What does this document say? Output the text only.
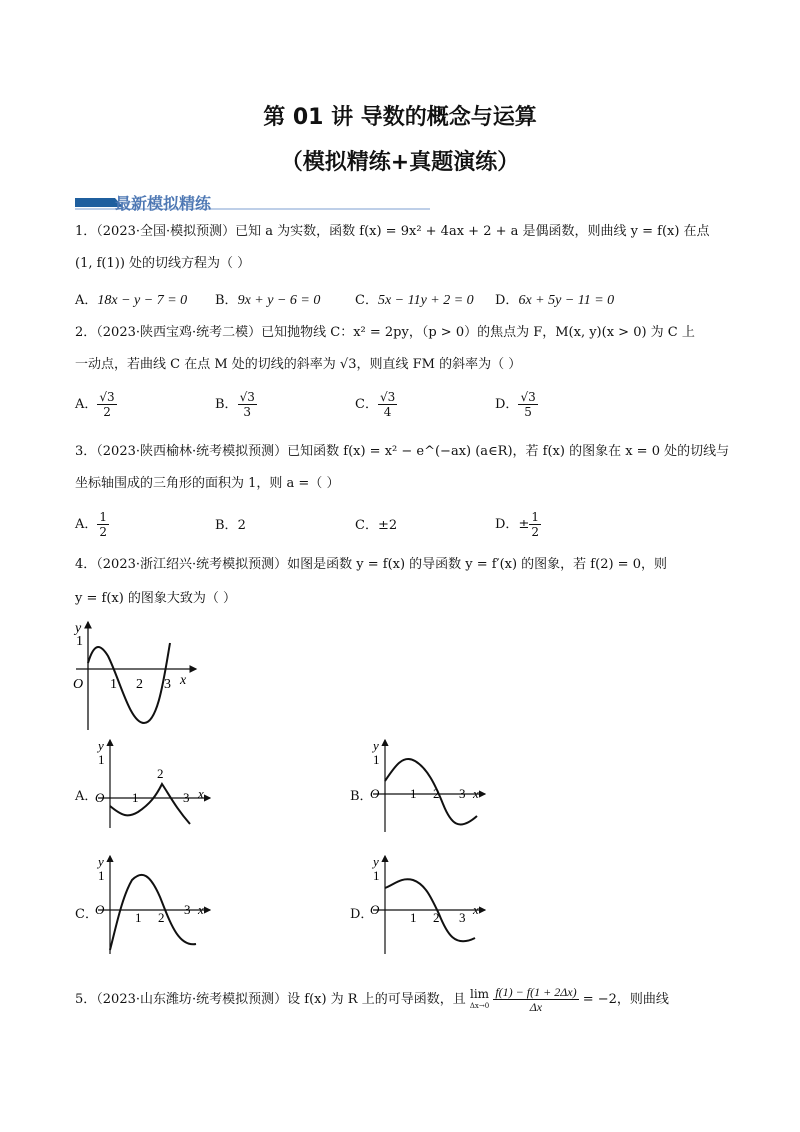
第 01 讲 导数的概念与运算
（模拟精练+真题演练）
最新模拟精练
1．（2023·全国·模拟预测）已知 a 为实数，函数 f(x) = 9x² + 4ax + 2 + a 是偶函数，则曲线 y = f(x) 在点
(1, f(1)) 处的切线方程为（ ）
A．18x − y − 7 = 0 B．9x + y − 6 = 0	C．5x − 11y + 2 = 0 D．6x + 5y − 11 = 0
2．（2023·陕西宝鸡·统考二模）已知抛物线 C：x² = 2py，（p > 0）的焦点为 F，M(x, y)(x > 0) 为 C 上
一动点，若曲线 C 在点 M 处的切线的斜率为 √3，则直线 FM 的斜率为（ ）
A． $\frac{√3}{2}$	B． $\frac{√3}{3}$	C． $\frac{√3}{4}$	D． $\frac{√3}{5}$
3．（2023·陕西榆林·统考模拟预测）已知函数 f(x) = x² − e^(−ax) (a∈R)，若 f(x) 的图象在 x = 0 处的切线与
坐标轴围成的三角形的面积为 1，则 a =（ ）
A． $\frac{1}{2}$	B．2	C．±2	D．± $\frac{1}{2}$
4．（2023·浙江绍兴·统考模拟预测）如图是函数 y = f(x) 的导函数 y = f′(x) 的图象，若 f(2) = 0，则
y = f(x) 的图象大致为（ ）
y
1
O 1 2 3 x
A．
y
1
O 1
2
3 x	B．
y
1
O 1 2 3 x
C．
y
1
O
1 2
3 x	D．
y
1
O
1 2 3
x
5．（2023·山东潍坊·统考模拟预测）设 f(x) 为 R 上的可导函数，且 lim
Δx→0
$\frac{f(1) - f(1 + 2\Delta x)}{\Delta x} = -2$，则曲线
